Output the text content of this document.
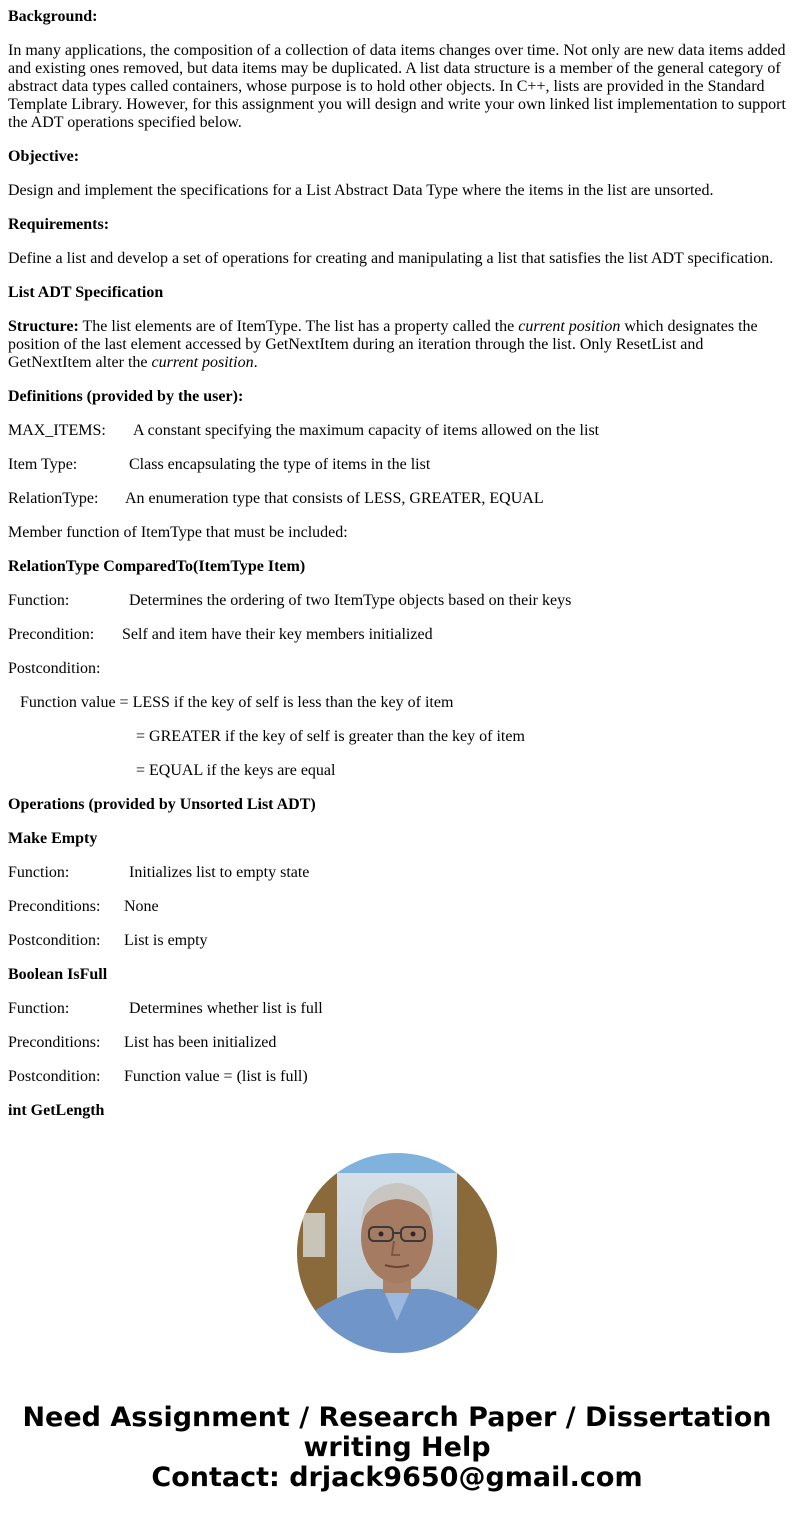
Background:

In many applications, the composition of a collection of data items changes over time. Not only are new data items added and existing ones removed, but data items may be duplicated. A list data structure is a member of the general category of abstract data types called containers, whose purpose is to hold other objects. In C++, lists are provided in the Standard Template Library. However, for this assignment you will design and write your own linked list implementation to support the ADT operations specified below.

Objective:

Design and implement the specifications for a List Abstract Data Type where the items in the list are unsorted.

Requirements:

Define a list and develop a set of operations for creating and manipulating a list that satisfies the list ADT specification.

List ADT Specification

Structure: The list elements are of ItemType. The list has a property called the current position which designates the position of the last element accessed by GetNextItem during an iteration through the list. Only ResetList and GetNextItem alter the current position.

Definitions (provided by the user):

MAX_ITEMS: A constant specifying the maximum capacity of items allowed on the list

Item Type:	Class encapsulating the type of items in the list

RelationType: An enumeration type that consists of LESS, GREATER, EQUAL

Member function of ItemType that must be included:

RelationType ComparedTo(ItemType Item)

Function:	Determines the ordering of two ItemType objects based on their keys

Precondition: Self and item have their key members initialized

Postcondition:

Function value = LESS if the key of self is less than the key of item

= GREATER if the key of self is greater than the key of item

= EQUAL if the keys are equal

Operations (provided by Unsorted List ADT)

Make Empty

Function:	Initializes list to empty state

Preconditions: None

Postcondition: List is empty

Boolean IsFull

Function:	Determines whether list is full

Preconditions: List has been initialized

Postcondition: Function value = (list is full)

int GetLength

Need Assignment / Research Paper / Dissertation
writing Help
Contact: drjack9650@gmail.com
